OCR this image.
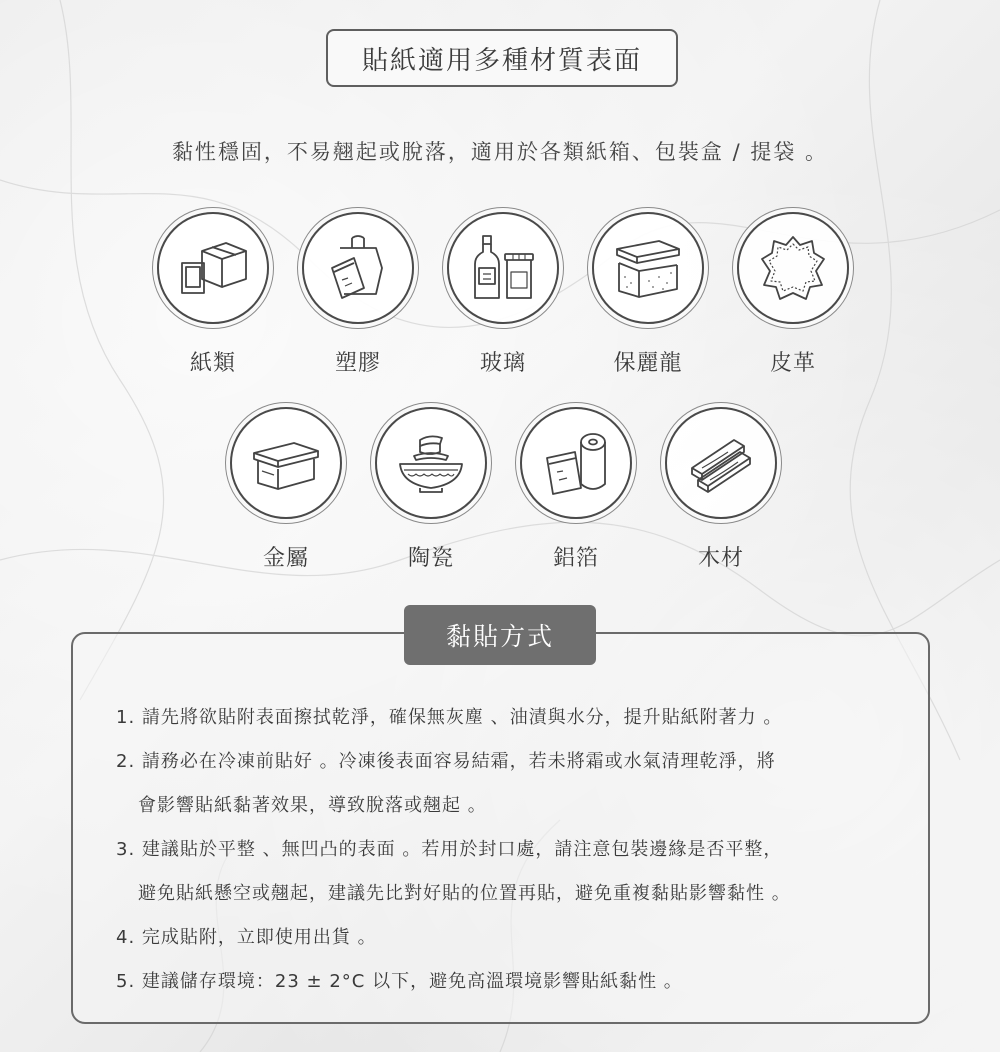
貼紙適用多種材質表面
黏性穩固，不易翹起或脫落，適用於各類紙箱、包裝盒 / 提袋 。
紙類	塑膠	玻璃	保麗龍	皮革
金屬	陶瓷	鋁箔	木材
黏貼方式
1. 請先將欲貼附表面擦拭乾淨，確保無灰塵 、油漬與水分，提升貼紙附著力 。
2. 請務必在冷凍前貼好 。冷凍後表面容易結霜，若未將霜或水氣清理乾淨，將
會影響貼紙黏著效果，導致脫落或翹起 。
3. 建議貼於平整 、無凹凸的表面 。若用於封口處，請注意包裝邊緣是否平整，
避免貼紙懸空或翹起，建議先比對好貼的位置再貼，避免重複黏貼影響黏性 。
4. 完成貼附，立即使用出貨 。
5. 建議儲存環境：23 ± 2°C 以下，避免高溫環境影響貼紙黏性 。
